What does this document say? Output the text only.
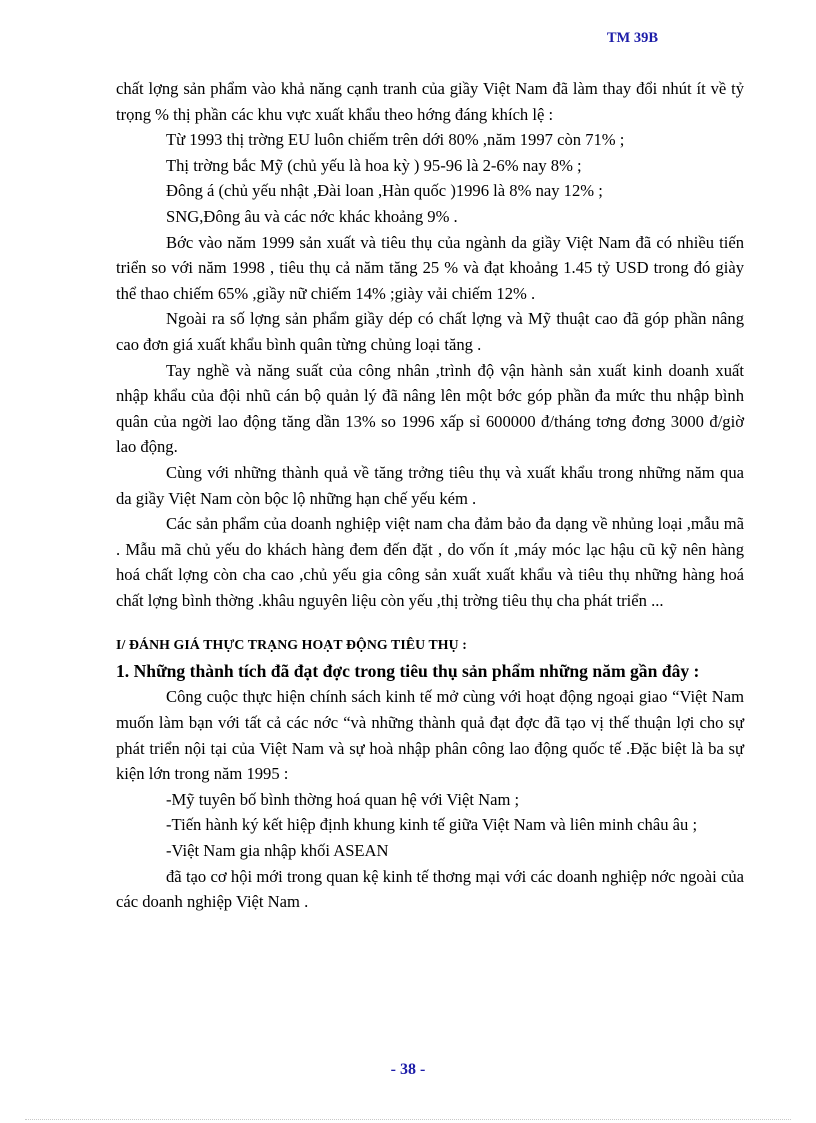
TM 39B

chất lợng sản phẩm vào khả năng cạnh tranh của giầy Việt Nam đã làm thay đổi nhút ít về tỷ trọng % thị phần các khu vực xuất khẩu theo hớng đáng khích lệ :

Từ 1993 thị trờng EU luôn chiếm trên dới 80% ,năm 1997 còn 71% ;

Thị trờng bắc Mỹ (chủ yếu là hoa kỳ ) 95-96 là 2-6% nay 8% ;

Đông á (chủ yếu nhật ,Đài loan ,Hàn quốc )1996 là 8% nay 12% ;

SNG,Đông âu và các nớc khác khoảng 9% .

Bớc vào năm 1999 sản xuất và tiêu thụ của ngành da giầy Việt Nam đã có nhiều tiến triển so với năm 1998 , tiêu thụ cả năm tăng 25 % và đạt khoảng 1.45 tỷ USD trong đó giày thể thao chiếm 65% ,giầy nữ chiếm 14% ;giày vải chiếm 12% .

Ngoài ra số lợng sản phẩm giầy dép có chất lợng và Mỹ thuật cao đã góp phần nâng cao đơn giá xuất khẩu bình quân từng chủng loại tăng .

Tay nghề và năng suất của công nhân ,trình độ vận hành sản xuất kinh doanh xuất nhập khẩu của đội nhũ cán bộ quản lý đã nâng lên một bớc góp phần đa mức thu nhập bình quân của ngời lao động tăng dần 13% so 1996 xấp sỉ 600000 đ/tháng tơng đơng 3000 đ/giờ lao động.

Cùng với những thành quả về tăng trởng tiêu thụ và xuất khẩu trong những năm qua da giầy Việt Nam còn bộc lộ những hạn chế yếu kém .

Các sản phẩm của doanh nghiệp việt nam cha đảm bảo đa dạng về nhủng loại ,mẫu mã . Mẫu mã chủ yếu do khách hàng đem đến đặt , do vốn ít ,máy móc lạc hậu cũ kỹ nên hàng hoá chất lợng còn cha cao ,chủ yếu gia công sản xuất xuất khẩu và tiêu thụ những hàng hoá chất lợng bình thờng .khâu nguyên liệu còn yếu ,thị trờng tiêu thụ cha phát triển ...

I/ ĐÁNH GIÁ THỰC TRẠNG HOẠT ĐỘNG TIÊU THỤ :

1. Những thành tích đã đạt đợc trong tiêu thụ sản phẩm những năm gần đây :

Công cuộc thực hiện chính sách kinh tế mở cùng với hoạt động ngoại giao “Việt Nam muốn làm bạn với tất cả các nớc “và những thành quả đạt đợc đã tạo vị thế thuận lợi cho sự phát triển nội tại của Việt Nam và sự hoà nhập phân công lao động quốc tế .Đặc biệt là ba sự kiện lớn trong năm 1995 :

-Mỹ tuyên bố bình thờng hoá quan hệ với Việt Nam ;

-Tiến hành ký kết hiệp định khung kinh tế giữa Việt Nam và liên minh châu âu ;

-Việt Nam gia nhập khối ASEAN

đã tạo cơ hội mới trong quan kệ kinh tế thơng mại với các doanh nghiệp nớc ngoài của các doanh nghiệp Việt Nam .

- 38 -
